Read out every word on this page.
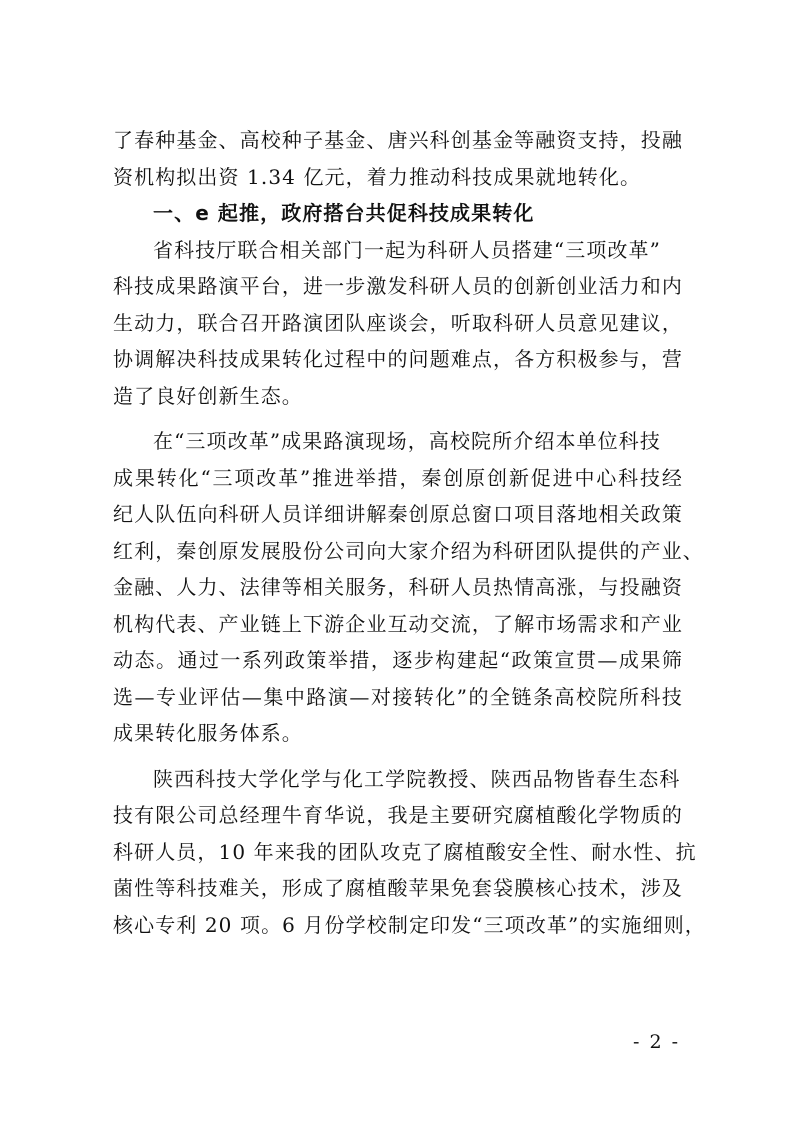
了春种基金、高校种子基金、唐兴科创基金等融资支持，投融
资机构拟出资 1.34 亿元，着力推动科技成果就地转化。
一、e 起推，政府搭台共促科技成果转化
省科技厅联合相关部门一起为科研人员搭建“三项改革”
科技成果路演平台，进一步激发科研人员的创新创业活力和内
生动力，联合召开路演团队座谈会，听取科研人员意见建议，
协调解决科技成果转化过程中的问题难点，各方积极参与，营
造了良好创新生态。
在“三项改革”成果路演现场，高校院所介绍本单位科技
成果转化“三项改革”推进举措，秦创原创新促进中心科技经
纪人队伍向科研人员详细讲解秦创原总窗口项目落地相关政策
红利，秦创原发展股份公司向大家介绍为科研团队提供的产业、
金融、人力、法律等相关服务，科研人员热情高涨，与投融资
机构代表、产业链上下游企业互动交流，了解市场需求和产业
动态。通过一系列政策举措，逐步构建起“政策宣贯—成果筛
选—专业评估—集中路演—对接转化”的全链条高校院所科技
成果转化服务体系。
陕西科技大学化学与化工学院教授、陕西品物皆春生态科
技有限公司总经理牛育华说，我是主要研究腐植酸化学物质的
科研人员，10 年来我的团队攻克了腐植酸安全性、耐水性、抗
菌性等科技难关，形成了腐植酸苹果免套袋膜核心技术，涉及
核心专利 20 项。6 月份学校制定印发“三项改革”的实施细则，
- 2 -
